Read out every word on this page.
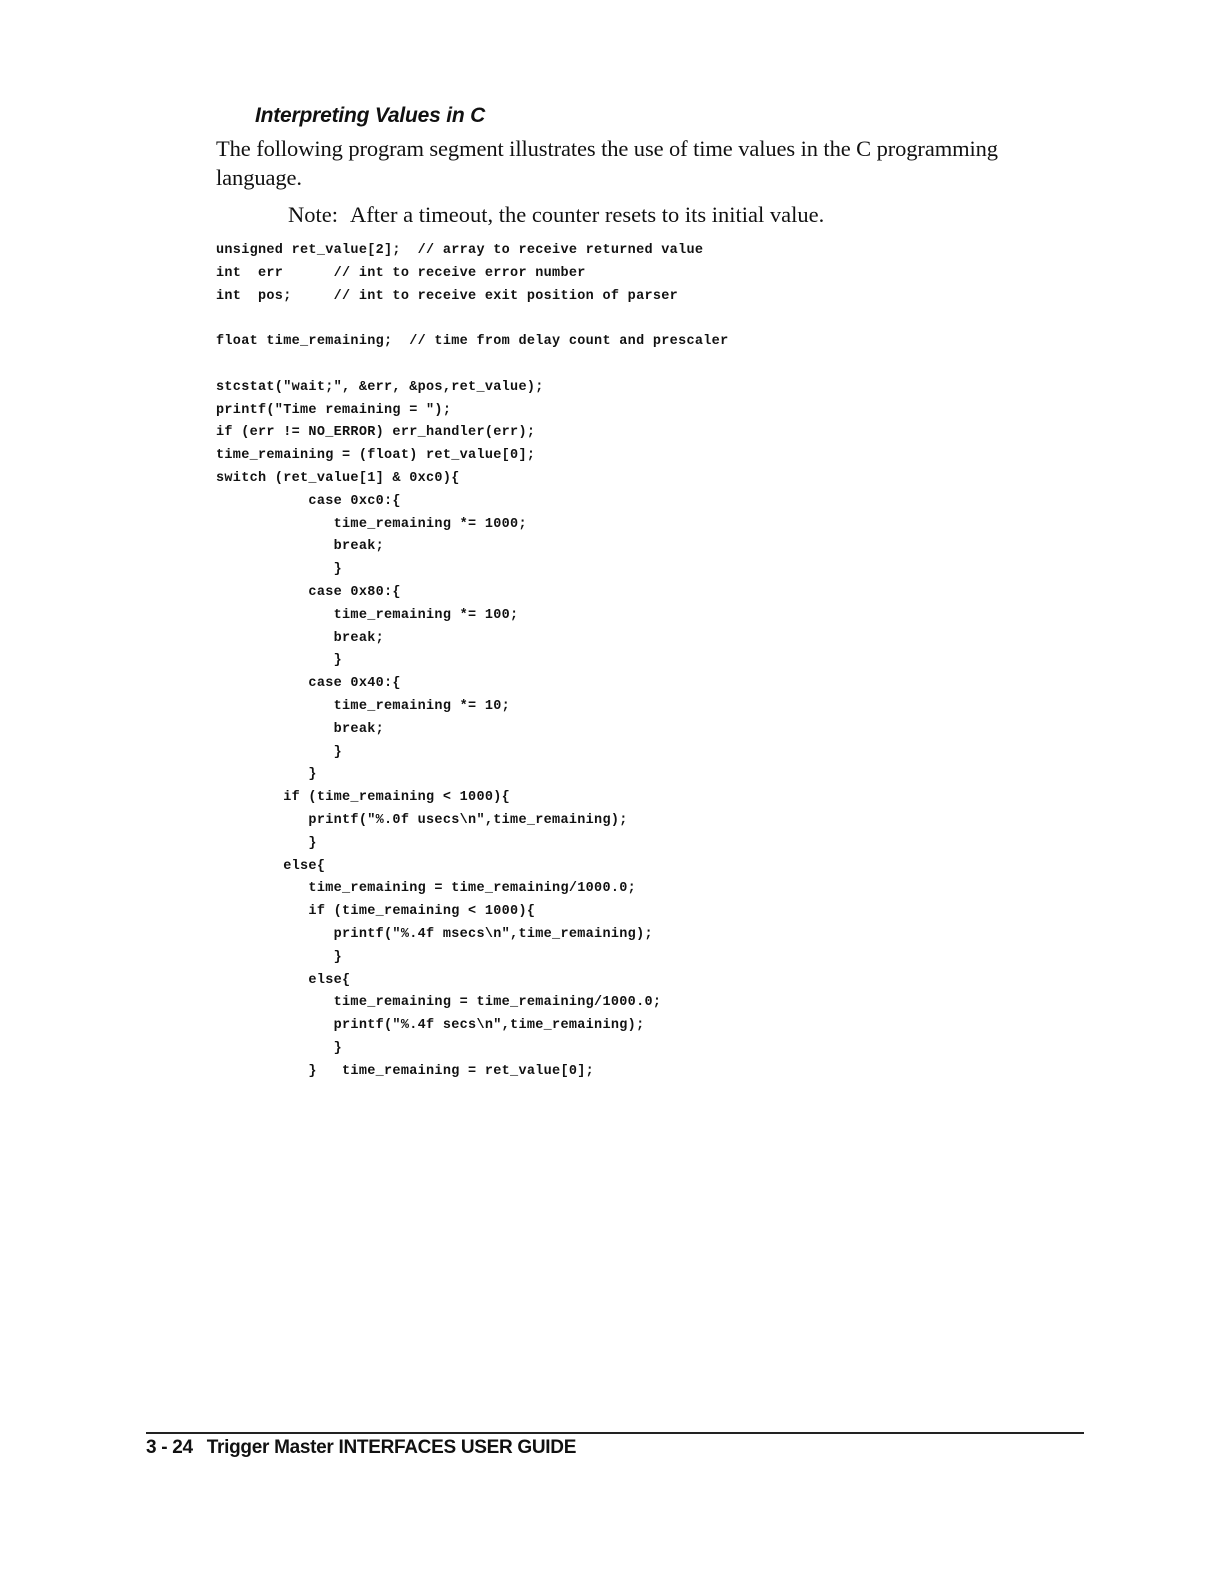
Interpreting Values in C
The following program segment illustrates the use of time values in the C programming language.
Note: After a timeout, the counter resets to its initial value.
unsigned ret_value[2];  // array to receive returned value
int  err      // int to receive error number
int  pos;     // int to receive exit position of parser
float time_remaining;  // time from delay count and prescaler
stcstat("wait;", &err, &pos,ret_value);
printf("Time remaining = ");
if (err != NO_ERROR) err_handler(err);
time_remaining = (float) ret_value[0];
switch (ret_value[1] & 0xc0){
case 0xc0:{
time_remaining *= 1000;
break;
}
case 0x80:{
time_remaining *= 100;
break;
}
case 0x40:{
time_remaining *= 10;
break;
}
}
if (time_remaining < 1000){
printf("%.0f usecs\n",time_remaining);
}
else{
time_remaining = time_remaining/1000.0;
if (time_remaining < 1000){
printf("%.4f msecs\n",time_remaining);
}
else{
time_remaining = time_remaining/1000.0;
printf("%.4f secs\n",time_remaining);
}
}   time_remaining = ret_value[0];
3 - 24 Trigger Master INTERFACES USER GUIDE
